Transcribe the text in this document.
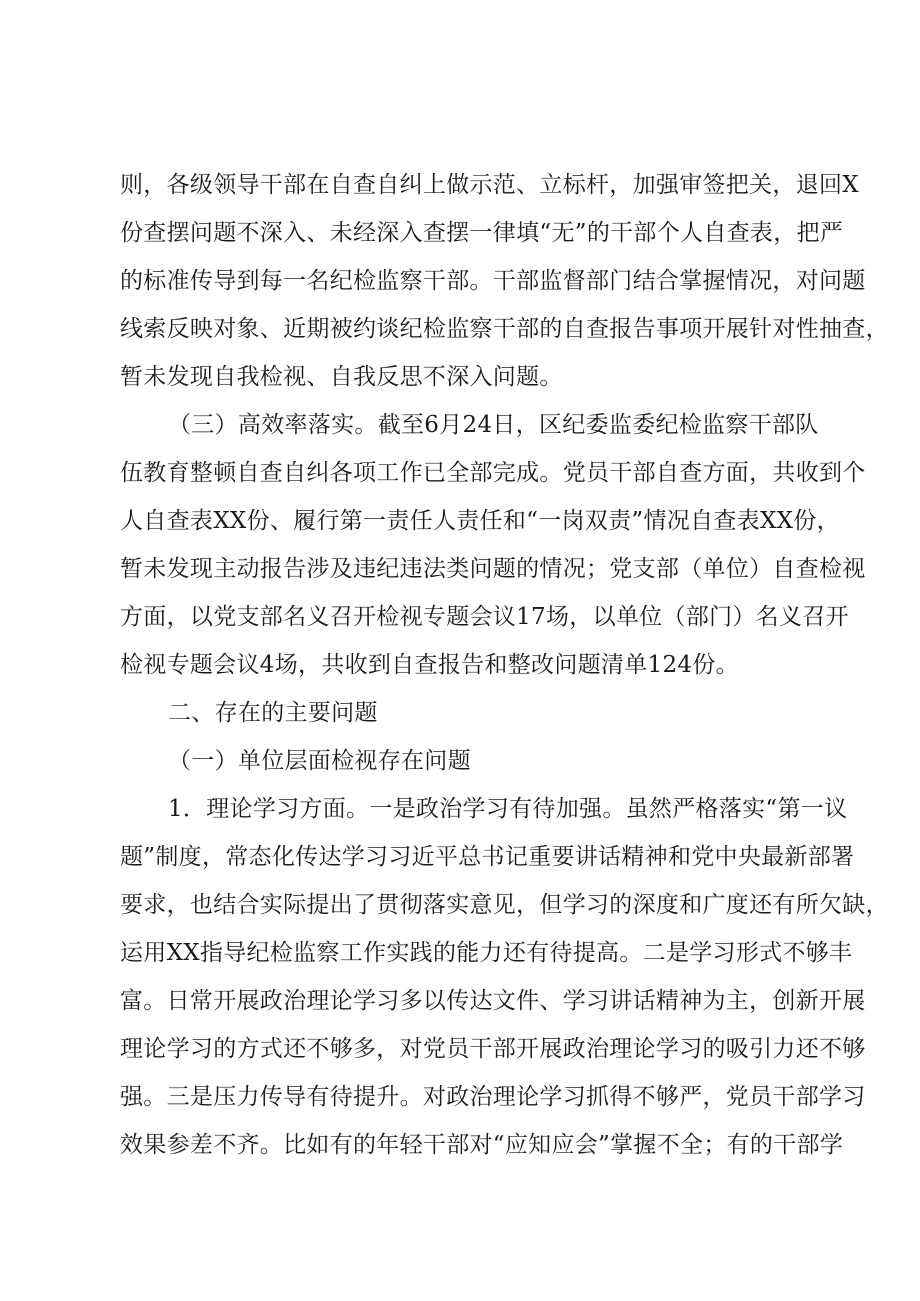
则，各级领导干部在自查自纠上做示范、立标杆，加强审签把关，退回X
份查摆问题不深入、未经深入查摆一律填“无”的干部个人自查表，把严
的标准传导到每一名纪检监察干部。干部监督部门结合掌握情况，对问题
线索反映对象、近期被约谈纪检监察干部的自查报告事项开展针对性抽查，
暂未发现自我检视、自我反思不深入问题。
（三）高效率落实。截至6月24日，区纪委监委纪检监察干部队
伍教育整顿自查自纠各项工作已全部完成。党员干部自查方面，共收到个
人自查表XX份、履行第一责任人责任和“一岗双责”情况自查表XX份，
暂未发现主动报告涉及违纪违法类问题的情况；党支部（单位）自查检视
方面，以党支部名义召开检视专题会议17场，以单位（部门）名义召开
检视专题会议4场，共收到自查报告和整改问题清单124份。
二、存在的主要问题
（一）单位层面检视存在问题
1．理论学习方面。一是政治学习有待加强。虽然严格落实“第一议
题”制度，常态化传达学习习近平总书记重要讲话精神和党中央最新部署
要求，也结合实际提出了贯彻落实意见，但学习的深度和广度还有所欠缺，
运用XX指导纪检监察工作实践的能力还有待提高。二是学习形式不够丰
富。日常开展政治理论学习多以传达文件、学习讲话精神为主，创新开展
理论学习的方式还不够多，对党员干部开展政治理论学习的吸引力还不够
强。三是压力传导有待提升。对政治理论学习抓得不够严，党员干部学习
效果参差不齐。比如有的年轻干部对“应知应会”掌握不全；有的干部学
